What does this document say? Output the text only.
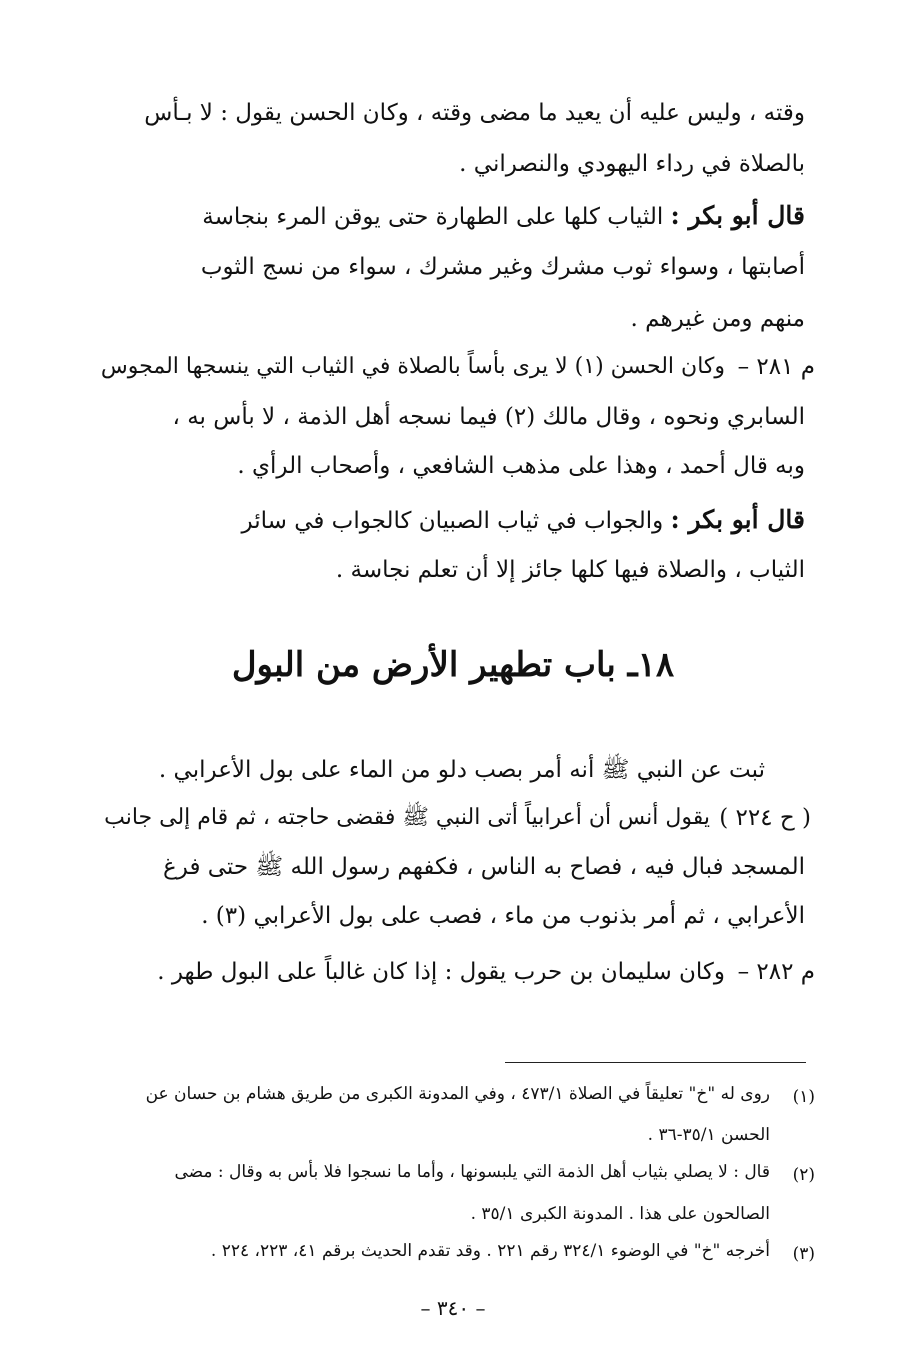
وقته ، وليس عليه أن يعيد ما مضى وقته ، وكان الحسن يقول : لا بـأس
بالصلاة في رداء اليهودي والنصراني .
قال أبو بكر : الثياب كلها على الطهارة حتى يوقن المرء بنجاسة
أصابتها ، وسواء ثوب مشرك وغير مشرك ، سواء من نسج الثوب
منهم ومن غيرهم .
م ٢٨١ –
وكان الحسن (١) لا يرى بأساً بالصلاة في الثياب التي ينسجها المجوس
السابري ونحوه ، وقال مالك (٢) فيما نسجه أهل الذمة ، لا بأس به ،
وبه قال أحمد ، وهذا على مذهب الشافعي ، وأصحاب الرأي .
قال أبو بكر : والجواب في ثياب الصبيان كالجواب في سائر
الثياب ، والصلاة فيها كلها جائز إلا أن تعلم نجاسة .
١٨ـ باب تطهير الأرض من البول
ثبت عن النبي ﷺ أنه أمر بصب دلو من الماء على بول الأعرابي .
( ح ٢٢٤ )
يقول أنس أن أعرابياً أتى النبي ﷺ فقضى حاجته ، ثم قام إلى جانب
المسجد فبال فيه ، فصاح به الناس ، فكفهم رسول الله ﷺ حتى فرغ
الأعرابي ، ثم أمر بذنوب من ماء ، فصب على بول الأعرابي (٣) .
م ٢٨٢ –
وكان سليمان بن حرب يقول : إذا كان غالباً على البول طهر .
(١)
روى له "خ" تعليقاً في الصلاة ٤٧٣/١ ، وفي المدونة الكبرى من طريق هشام بن حسان عن
الحسن ٣٥/١-٣٦ .
(٢)
قال : لا يصلي بثياب أهل الذمة التي يلبسونها ، وأما ما نسجوا فلا بأس به وقال : مضى
الصالحون على هذا . المدونة الكبرى ٣٥/١ .
(٣)
أخرجه "خ" في الوضوء ٣٢٤/١ رقم ٢٢١ . وقد تقدم الحديث برقم ٤١، ٢٢٣، ٢٢٤ .
– ٣٤٠ –
